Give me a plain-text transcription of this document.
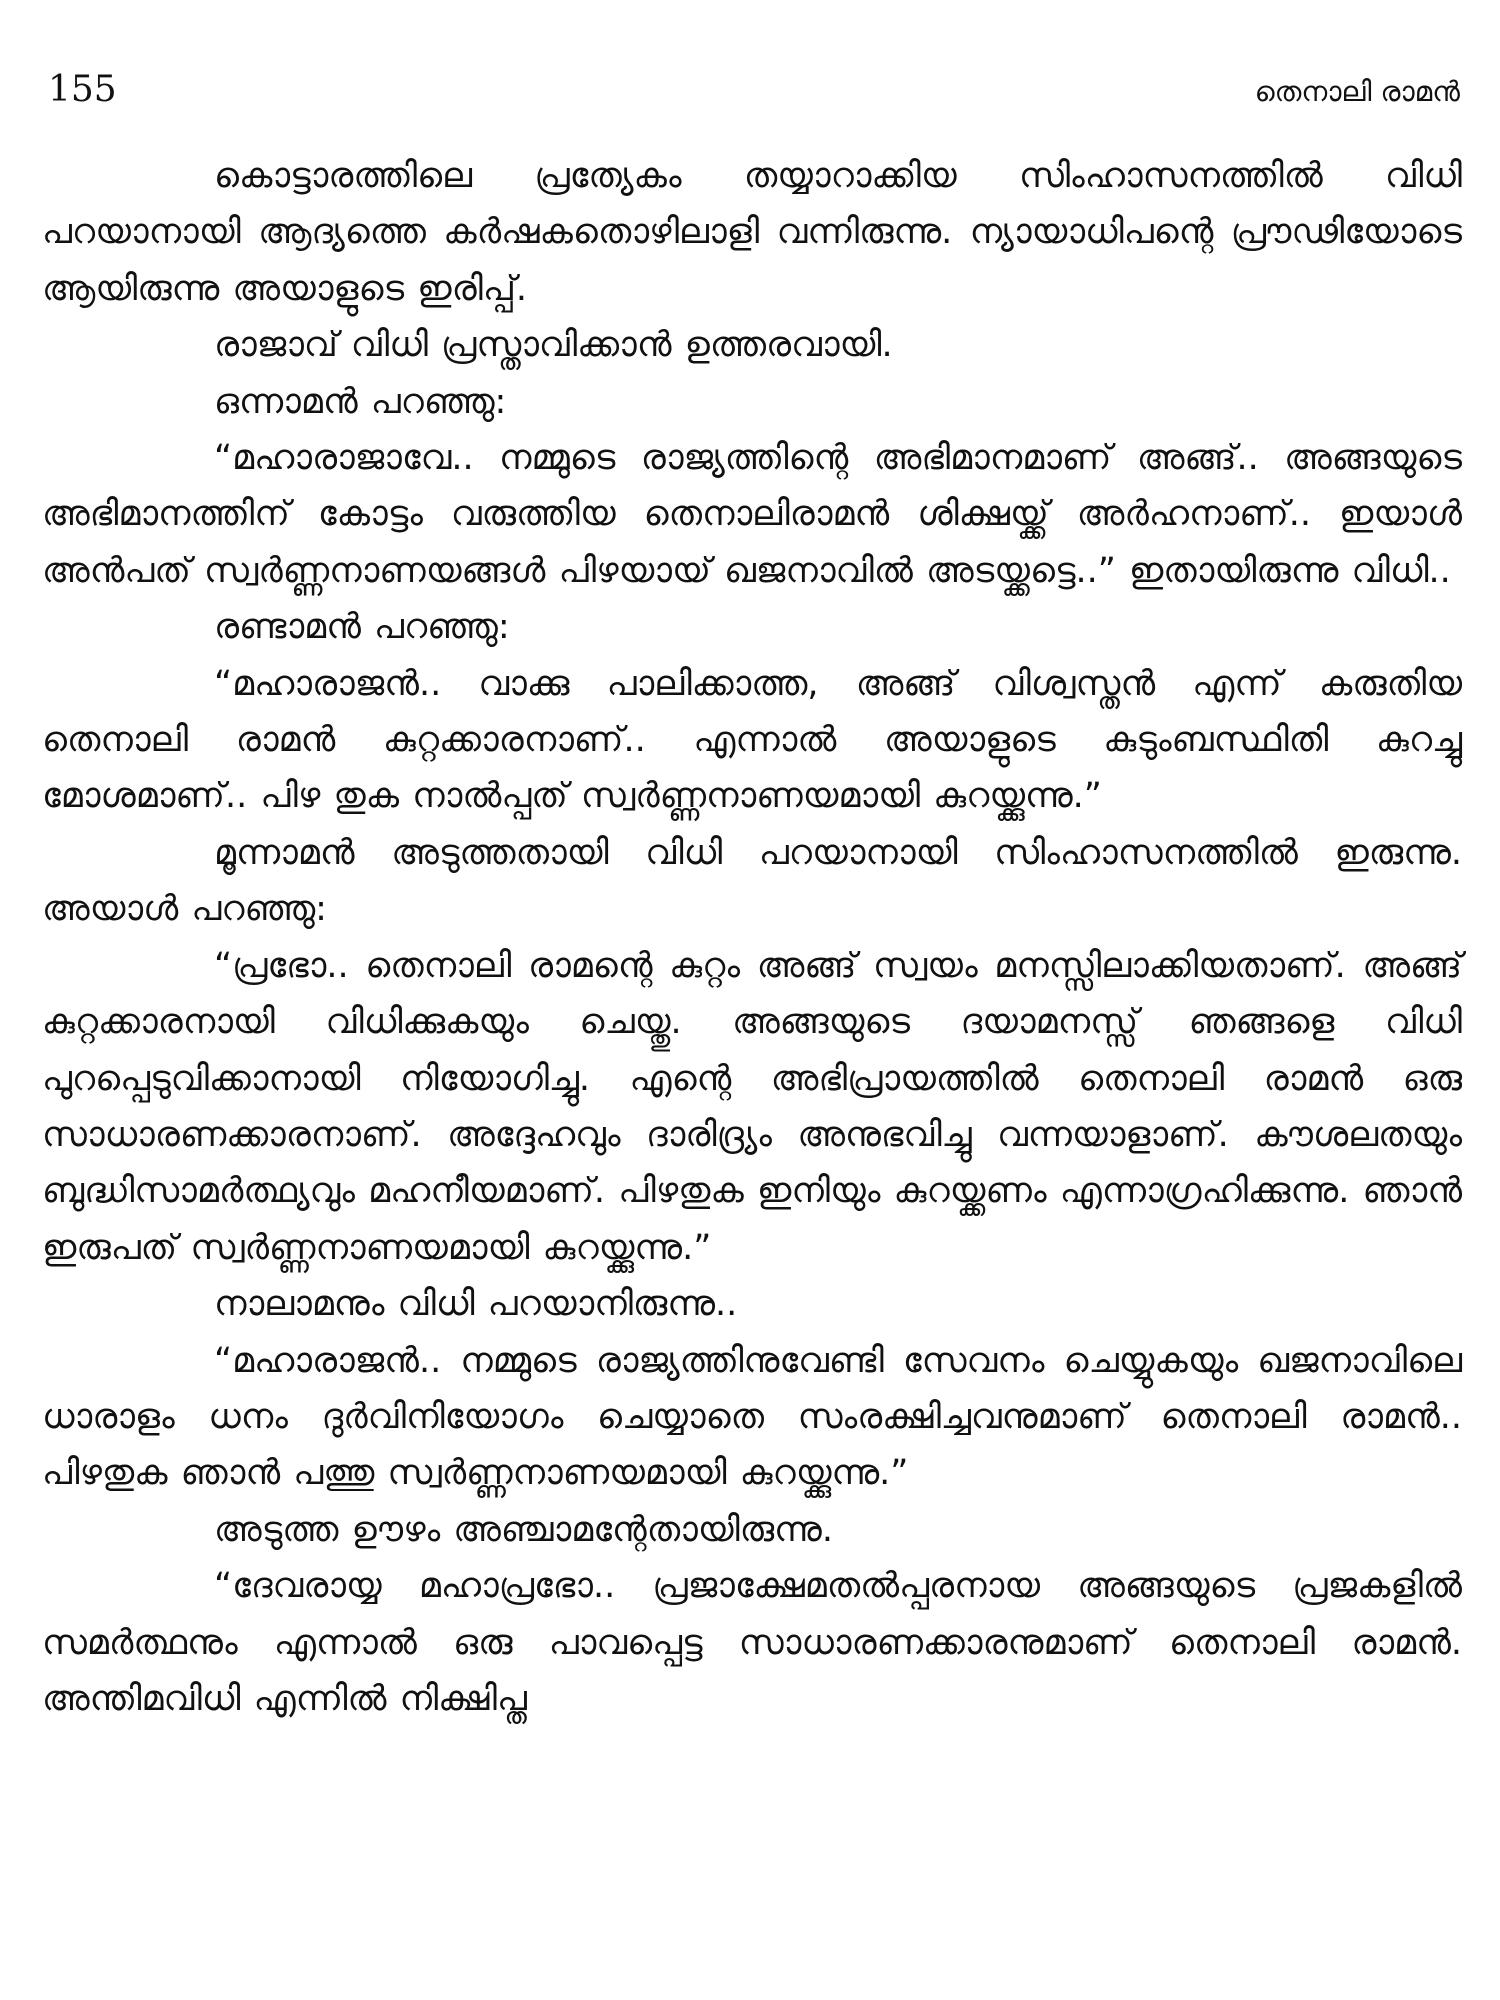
155	തെനാലി രാമൻ

കൊട്ടാരത്തിലെ പ്രത്യേകം തയ്യാറാക്കിയ സിംഹാസനത്തിൽ വിധി പറയാനായി ആദ്യത്തെ കർഷകതൊഴിലാളി വന്നിരുന്നു. ന്യായാധിപന്റെ പ്രൗഢിയോടെ ആയിരുന്നു അയാളുടെ ഇരിപ്പ്.

രാജാവ് വിധി പ്രസ്താവിക്കാൻ ഉത്തരവായി.

ഒന്നാമൻ പറഞ്ഞു:

“മഹാരാജാവേ.. നമ്മുടെ രാജ്യത്തിന്റെ അഭിമാനമാണ് അങ്ങ്.. അങ്ങയുടെ അഭിമാനത്തിന് കോട്ടം വരുത്തിയ തെനാലിരാമൻ ശിക്ഷയ്ക്ക് അർഹനാണ്.. ഇയാൾ അൻപത് സ്വർണ്ണനാണയങ്ങൾ പിഴയായ് ഖജനാവിൽ അടയ്ക്കട്ടെ..” ഇതായിരുന്നു വിധി..

രണ്ടാമൻ പറഞ്ഞു:

“മഹാരാജൻ.. വാക്കു പാലിക്കാത്ത, അങ്ങ് വിശ്വസ്തൻ എന്ന് കരുതിയ തെനാലി രാമൻ കുറ്റക്കാരനാണ്.. എന്നാൽ അയാളുടെ കുടുംബസ്ഥിതി കുറച്ചു മോശമാണ്.. പിഴ തുക നാൽപ്പത് സ്വർണ്ണനാണയമായി കുറയ്ക്കുന്നു.”

മൂന്നാമൻ അടുത്തതായി വിധി പറയാനായി സിംഹാസനത്തിൽ ഇരുന്നു. അയാൾ പറഞ്ഞു:

“പ്രഭോ.. തെനാലി രാമന്റെ കുറ്റം അങ്ങ് സ്വയം മനസ്സിലാക്കിയതാണ്. അങ്ങ് കുറ്റക്കാരനായി വിധിക്കുകയും ചെയ്തു. അങ്ങയുടെ ദയാമനസ്സ് ഞങ്ങളെ വിധി പുറപ്പെടുവിക്കാനായി നിയോഗിച്ചു. എന്റെ അഭിപ്രായത്തിൽ തെനാലി രാമൻ ഒരു സാധാരണക്കാരനാണ്. അദ്ദേഹവും ദാരിദ്ര്യം അനുഭവിച്ചു വന്നയാളാണ്. കൗശലതയും ബുദ്ധിസാമർത്ഥ്യവും മഹനീയമാണ്. പിഴതുക ഇനിയും കുറയ്ക്കണം എന്നാഗ്രഹിക്കുന്നു. ഞാൻ ഇരുപത് സ്വർണ്ണനാണയമായി കുറയ്ക്കുന്നു.”

നാലാമനും വിധി പറയാനിരുന്നു..

“മഹാരാജൻ.. നമ്മുടെ രാജ്യത്തിനുവേണ്ടി സേവനം ചെയ്യുകയും ഖജനാവിലെ ധാരാളം ധനം ദുർവിനിയോഗം ചെയ്യാതെ സംരക്ഷിച്ചവനുമാണ് തെനാലി രാമൻ.. പിഴതുക ഞാൻ പത്തു സ്വർണ്ണനാണയമായി കുറയ്ക്കുന്നു.”

അടുത്ത ഊഴം അഞ്ചാമന്റേതായിരുന്നു.

“ദേവരായ്യ മഹാപ്രഭോ.. പ്രജാക്ഷേമതൽപ്പരനായ അങ്ങയുടെ പ്രജകളിൽ സമർത്ഥനും എന്നാൽ ഒരു പാവപ്പെട്ട സാധാരണക്കാരനുമാണ് തെനാലി രാമൻ. അന്തിമവിധി എന്നിൽ നിക്ഷിപ്ത
